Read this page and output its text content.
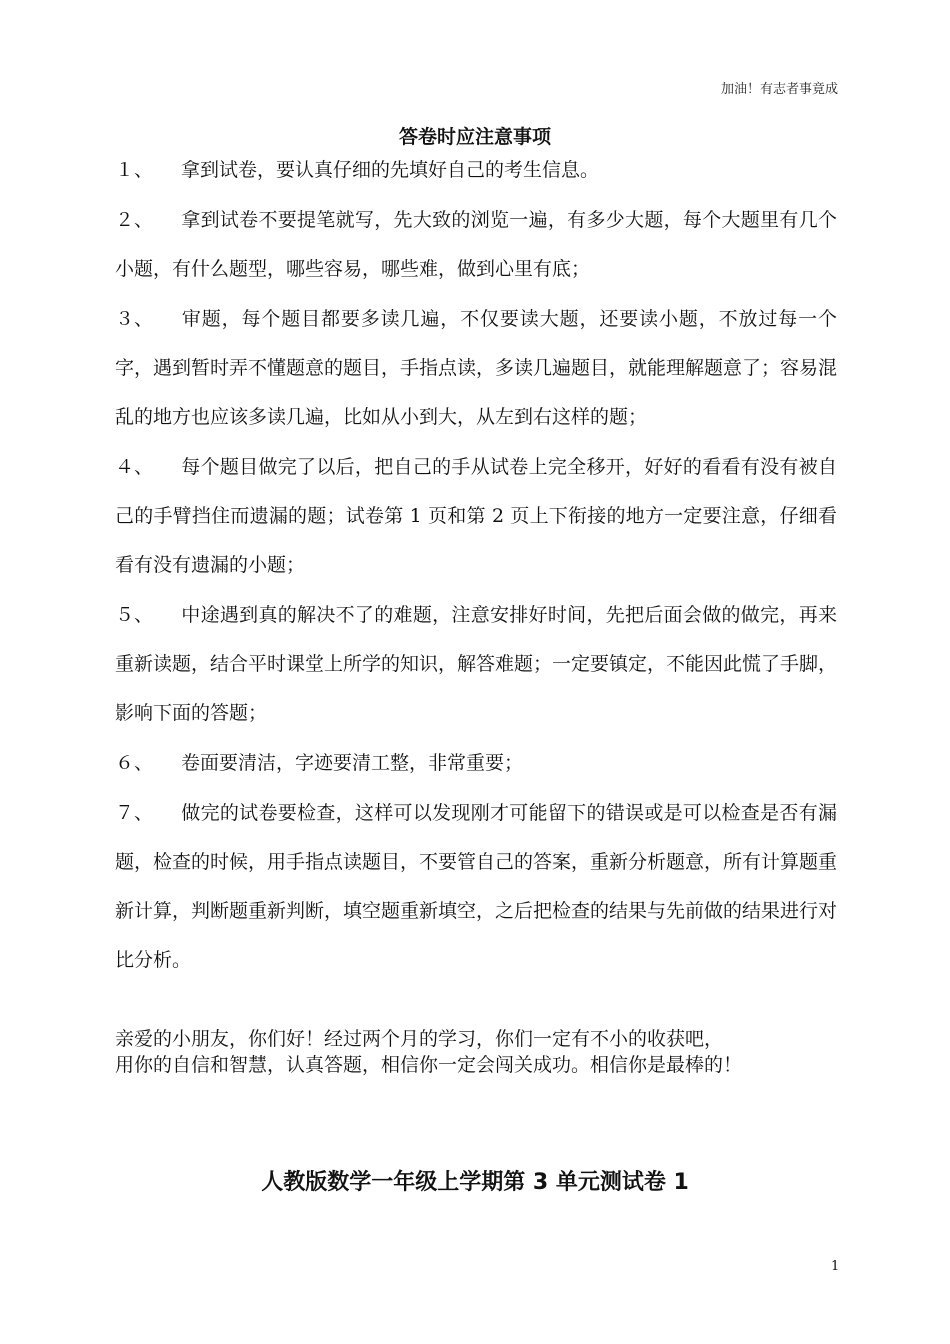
加油！有志者事竟成
答卷时应注意事项
１、 拿到试卷，要认真仔细的先填好自己的考生信息。
２、 拿到试卷不要提笔就写，先大致的浏览一遍，有多少大题，每个大题里有几个小题，有什么题型，哪些容易，哪些难，做到心里有底；
３、 审题，每个题目都要多读几遍，不仅要读大题，还要读小题，不放过每一个字，遇到暂时弄不懂题意的题目，手指点读，多读几遍题目，就能理解题意了；容易混乱的地方也应该多读几遍，比如从小到大，从左到右这样的题；
４、 每个题目做完了以后，把自己的手从试卷上完全移开，好好的看看有没有被自己的手臂挡住而遗漏的题；试卷第 1 页和第 2 页上下衔接的地方一定要注意，仔细看看有没有遗漏的小题；
５、 中途遇到真的解决不了的难题，注意安排好时间，先把后面会做的做完，再来重新读题，结合平时课堂上所学的知识，解答难题；一定要镇定，不能因此慌了手脚，影响下面的答题；
６、 卷面要清洁，字迹要清工整，非常重要；
７、 做完的试卷要检查，这样可以发现刚才可能留下的错误或是可以检查是否有漏题，检查的时候，用手指点读题目，不要管自己的答案，重新分析题意，所有计算题重新计算，判断题重新判断，填空题重新填空，之后把检查的结果与先前做的结果进行对比分析。

亲爱的小朋友，你们好！经过两个月的学习，你们一定有不小的收获吧，

用你的自信和智慧，认真答题，相信你一定会闯关成功。相信你是最棒的！

人教版数学一年级上学期第 3 单元测试卷 1
1
